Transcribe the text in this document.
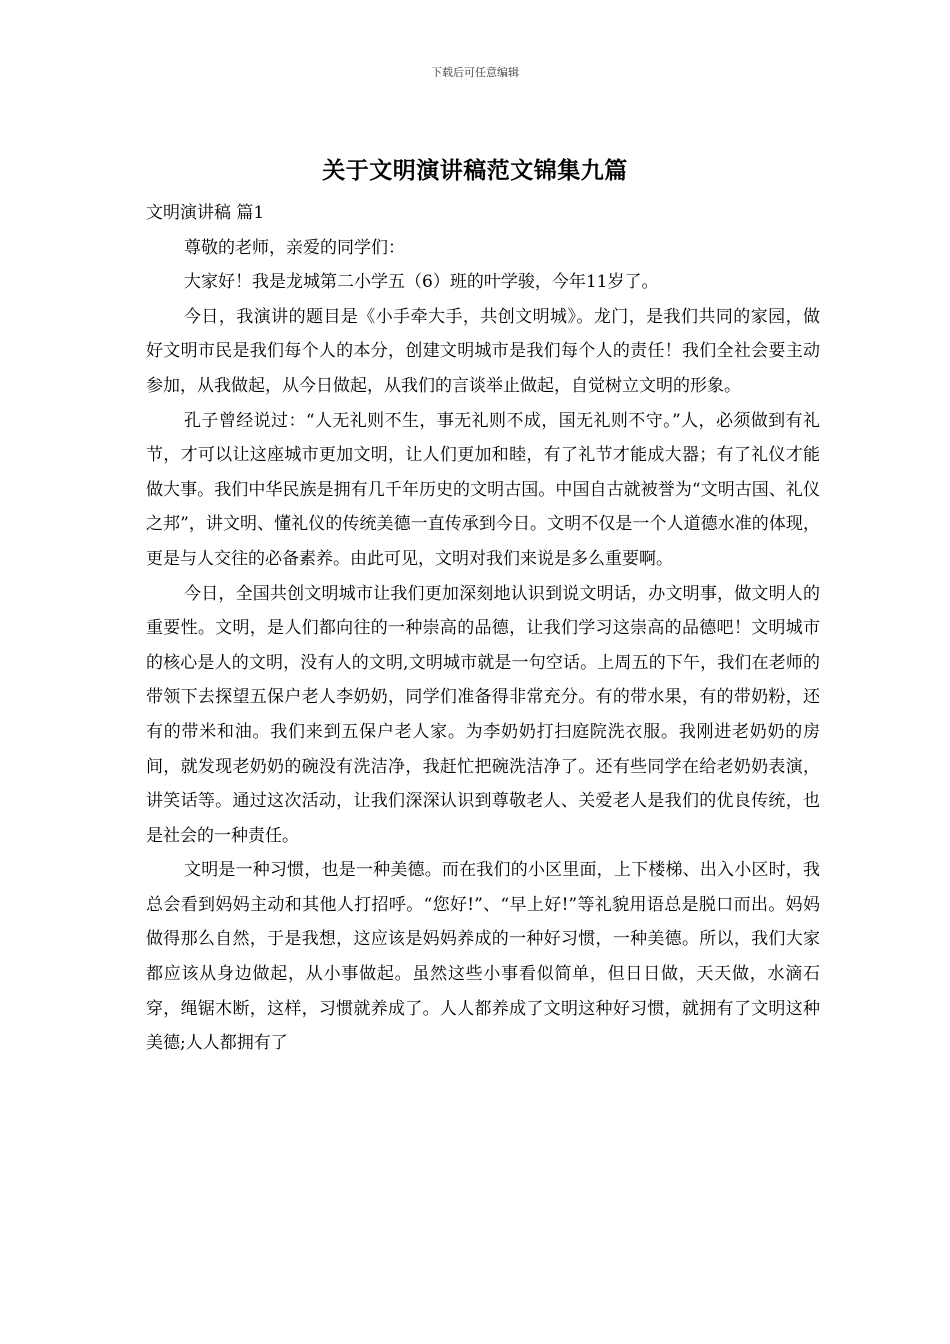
下载后可任意编辑
关于文明演讲稿范文锦集九篇

文明演讲稿 篇1

尊敬的老师，亲爱的同学们：

大家好！我是龙城第二小学五（6）班的叶学骏，今年11岁了。

今日，我演讲的题目是《小手牵大手，共创文明城》。龙门，是我们共同的家园，做好文明市民是我们每个人的本分，创建文明城市是我们每个人的责任！我们全社会要主动参加，从我做起，从今日做起，从我们的言谈举止做起，自觉树立文明的形象。

孔子曾经说过：“人无礼则不生，事无礼则不成，国无礼则不守。”人，必须做到有礼节，才可以让这座城市更加文明，让人们更加和睦，有了礼节才能成大器；有了礼仪才能做大事。我们中华民族是拥有几千年历史的文明古国。中国自古就被誉为“文明古国、礼仪之邦”，讲文明、懂礼仪的传统美德一直传承到今日。文明不仅是一个人道德水准的体现，更是与人交往的必备素养。由此可见，文明对我们来说是多么重要啊。

今日，全国共创文明城市让我们更加深刻地认识到说文明话，办文明事，做文明人的重要性。文明，是人们都向往的一种崇高的品德，让我们学习这崇高的品德吧！文明城市的核心是人的文明，没有人的文明,文明城市就是一句空话。上周五的下午，我们在老师的带领下去探望五保户老人李奶奶，同学们准备得非常充分。有的带水果，有的带奶粉，还有的带米和油。我们来到五保户老人家。为李奶奶打扫庭院洗衣服。我刚进老奶奶的房间，就发现老奶奶的碗没有洗洁净，我赶忙把碗洗洁净了。还有些同学在给老奶奶表演，讲笑话等。通过这次活动，让我们深深认识到尊敬老人、关爱老人是我们的优良传统，也是社会的一种责任。

文明是一种习惯，也是一种美德。而在我们的小区里面，上下楼梯、出入小区时，我总会看到妈妈主动和其他人打招呼。“您好!”、“早上好!”等礼貌用语总是脱口而出。妈妈做得那么自然，于是我想，这应该是妈妈养成的一种好习惯，一种美德。所以，我们大家都应该从身边做起，从小事做起。虽然这些小事看似简单，但日日做，天天做，水滴石穿，绳锯木断，这样，习惯就养成了。人人都养成了文明这种好习惯，就拥有了文明这种美德;人人都拥有了
